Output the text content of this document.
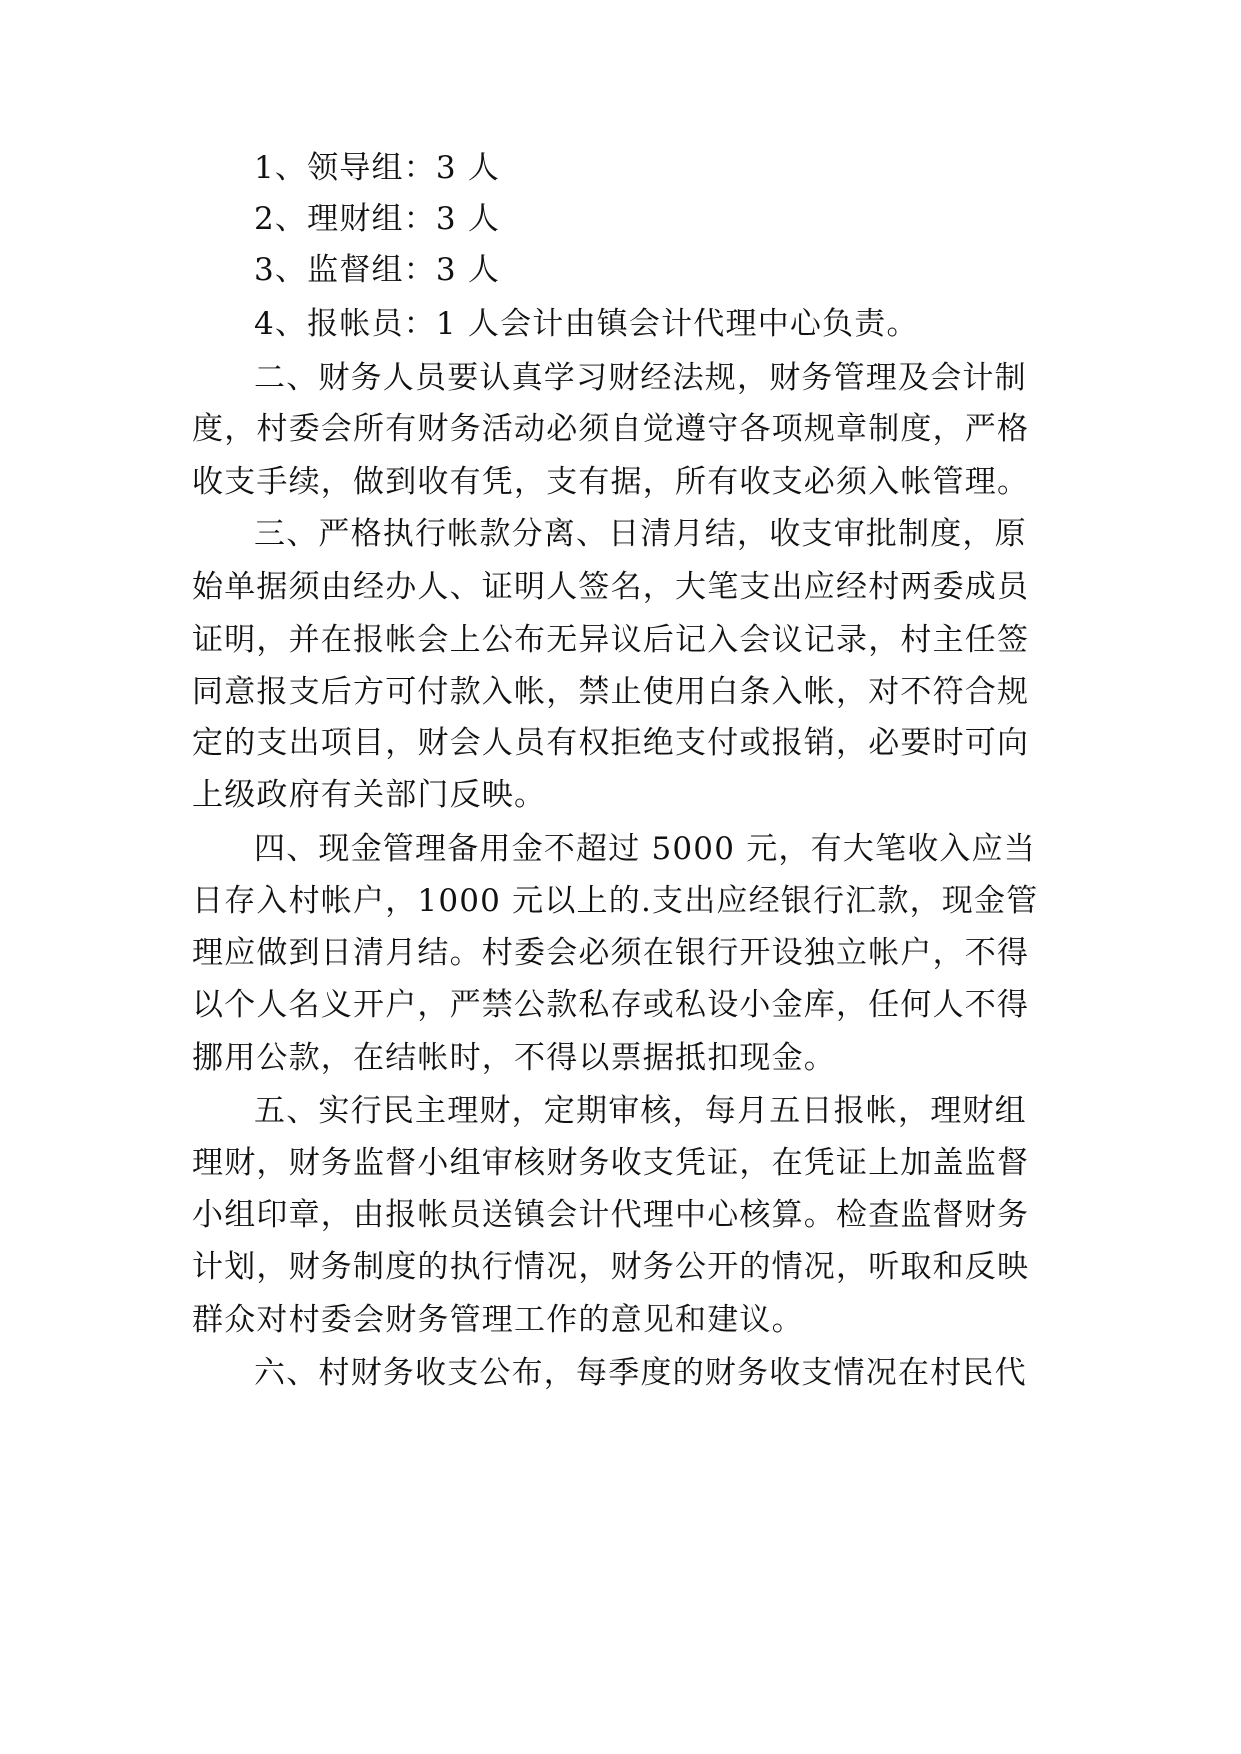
1、领导组：3 人
2、理财组：3 人
3、监督组：3 人
4、报帐员：1 人会计由镇会计代理中心负责。
二、财务人员要认真学习财经法规，财务管理及会计制
度，村委会所有财务活动必须自觉遵守各项规章制度，严格
收支手续，做到收有凭，支有据，所有收支必须入帐管理。
三、严格执行帐款分离、日清月结，收支审批制度，原
始单据须由经办人、证明人签名，大笔支出应经村两委成员
证明，并在报帐会上公布无异议后记入会议记录，村主任签
同意报支后方可付款入帐，禁止使用白条入帐，对不符合规
定的支出项目，财会人员有权拒绝支付或报销，必要时可向
上级政府有关部门反映。
四、现金管理备用金不超过 5000 元，有大笔收入应当
日存入村帐户，1000 元以上的.支出应经银行汇款，现金管
理应做到日清月结。村委会必须在银行开设独立帐户，不得
以个人名义开户，严禁公款私存或私设小金库，任何人不得
挪用公款，在结帐时，不得以票据抵扣现金。
五、实行民主理财，定期审核，每月五日报帐，理财组
理财，财务监督小组审核财务收支凭证，在凭证上加盖监督
小组印章，由报帐员送镇会计代理中心核算。检查监督财务
计划，财务制度的执行情况，财务公开的情况，听取和反映
群众对村委会财务管理工作的意见和建议。
六、村财务收支公布，每季度的财务收支情况在村民代
